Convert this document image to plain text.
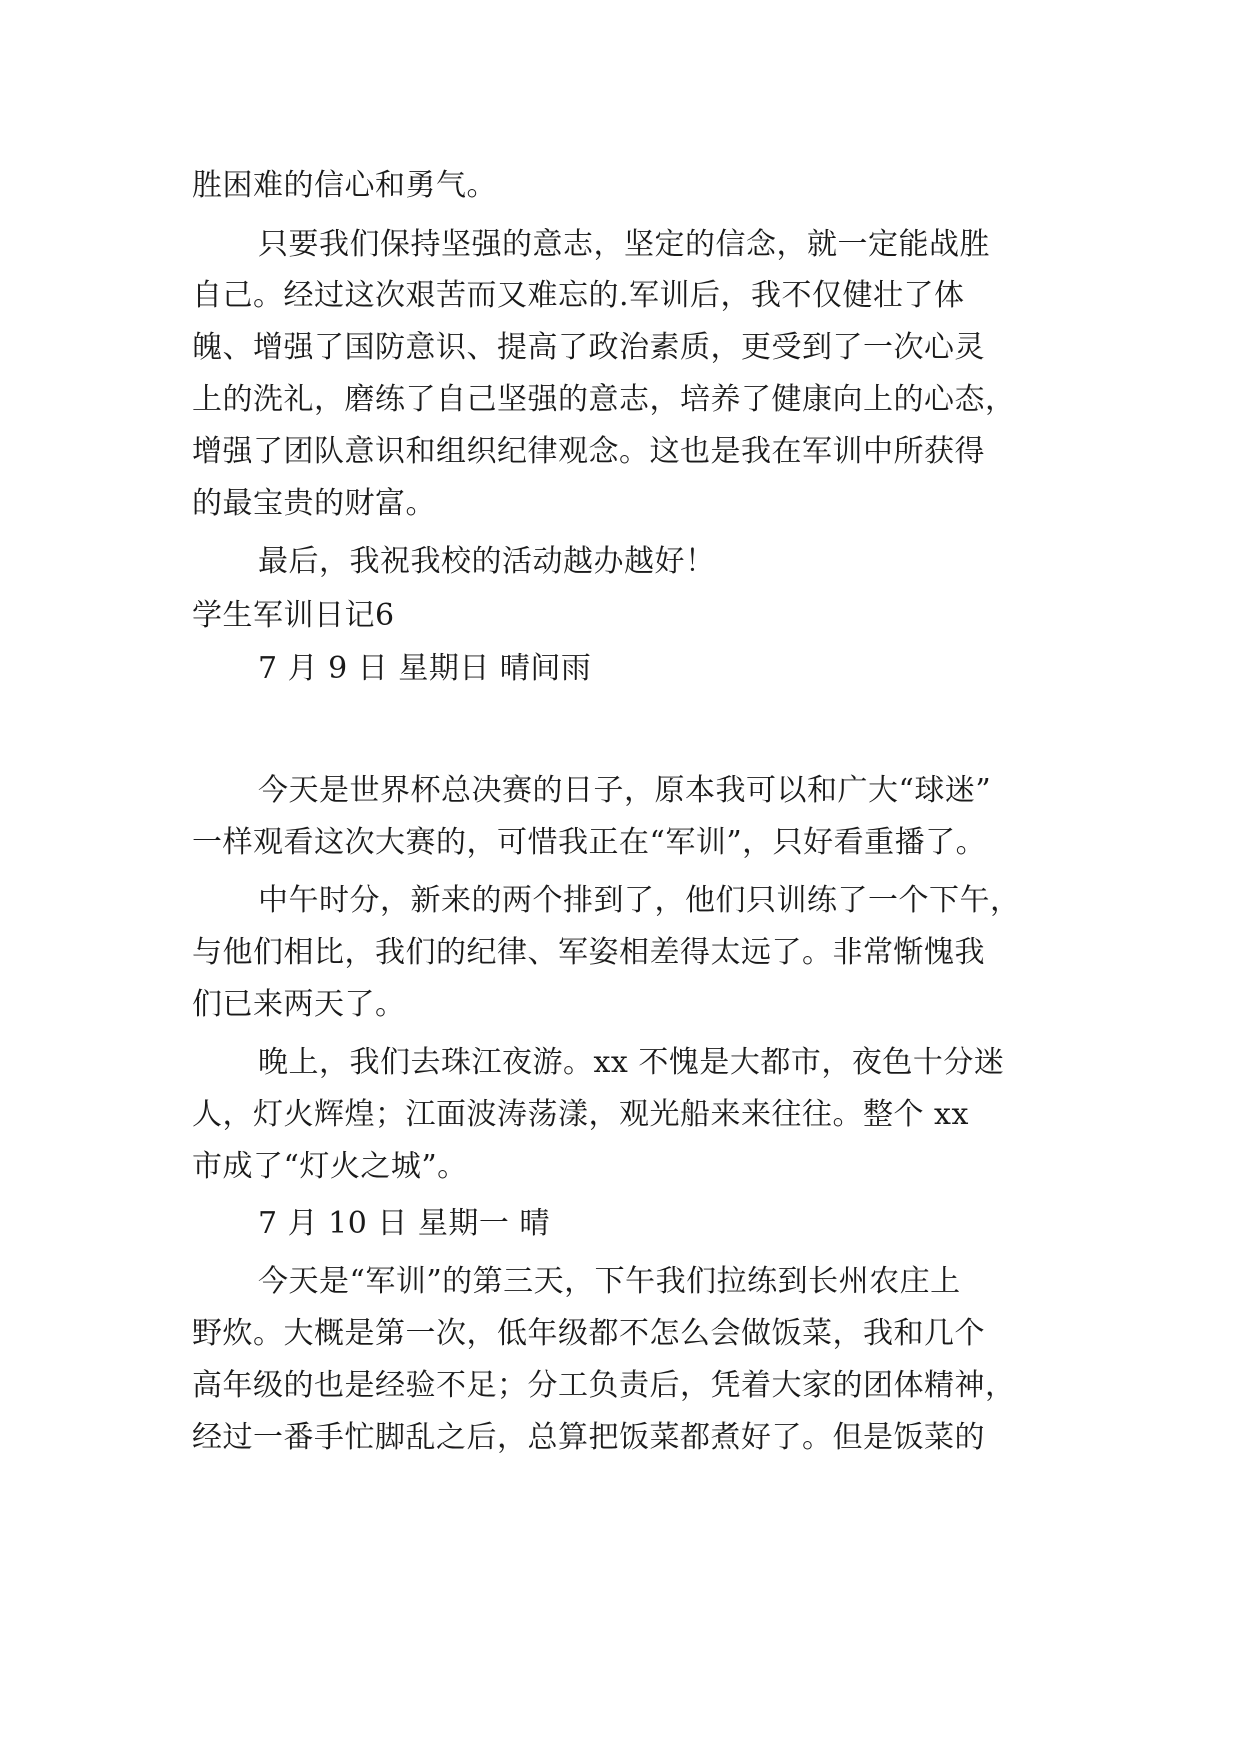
胜困难的信心和勇气。
只要我们保持坚强的意志，坚定的信念，就一定能战胜
自己。经过这次艰苦而又难忘的.军训后，我不仅健壮了体
魄、增强了国防意识、提高了政治素质，更受到了一次心灵
上的洗礼，磨练了自己坚强的意志，培养了健康向上的心态，
增强了团队意识和组织纪律观念。这也是我在军训中所获得
的最宝贵的财富。
最后，我祝我校的活动越办越好！
学生军训日记6
7 月 9 日 星期日 晴间雨
今天是世界杯总决赛的日子，原本我可以和广大“球迷”
一样观看这次大赛的，可惜我正在“军训”，只好看重播了。
中午时分，新来的两个排到了，他们只训练了一个下午，
与他们相比，我们的纪律、军姿相差得太远了。非常惭愧我
们已来两天了。
晚上，我们去珠江夜游。xx 不愧是大都市，夜色十分迷
人，灯火辉煌；江面波涛荡漾，观光船来来往往。整个 xx
市成了“灯火之城”。
7 月 10 日 星期一 晴
今天是“军训”的第三天，下午我们拉练到长州农庄上
野炊。大概是第一次，低年级都不怎么会做饭菜，我和几个
高年级的也是经验不足；分工负责后，凭着大家的团体精神，
经过一番手忙脚乱之后，总算把饭菜都煮好了。但是饭菜的
